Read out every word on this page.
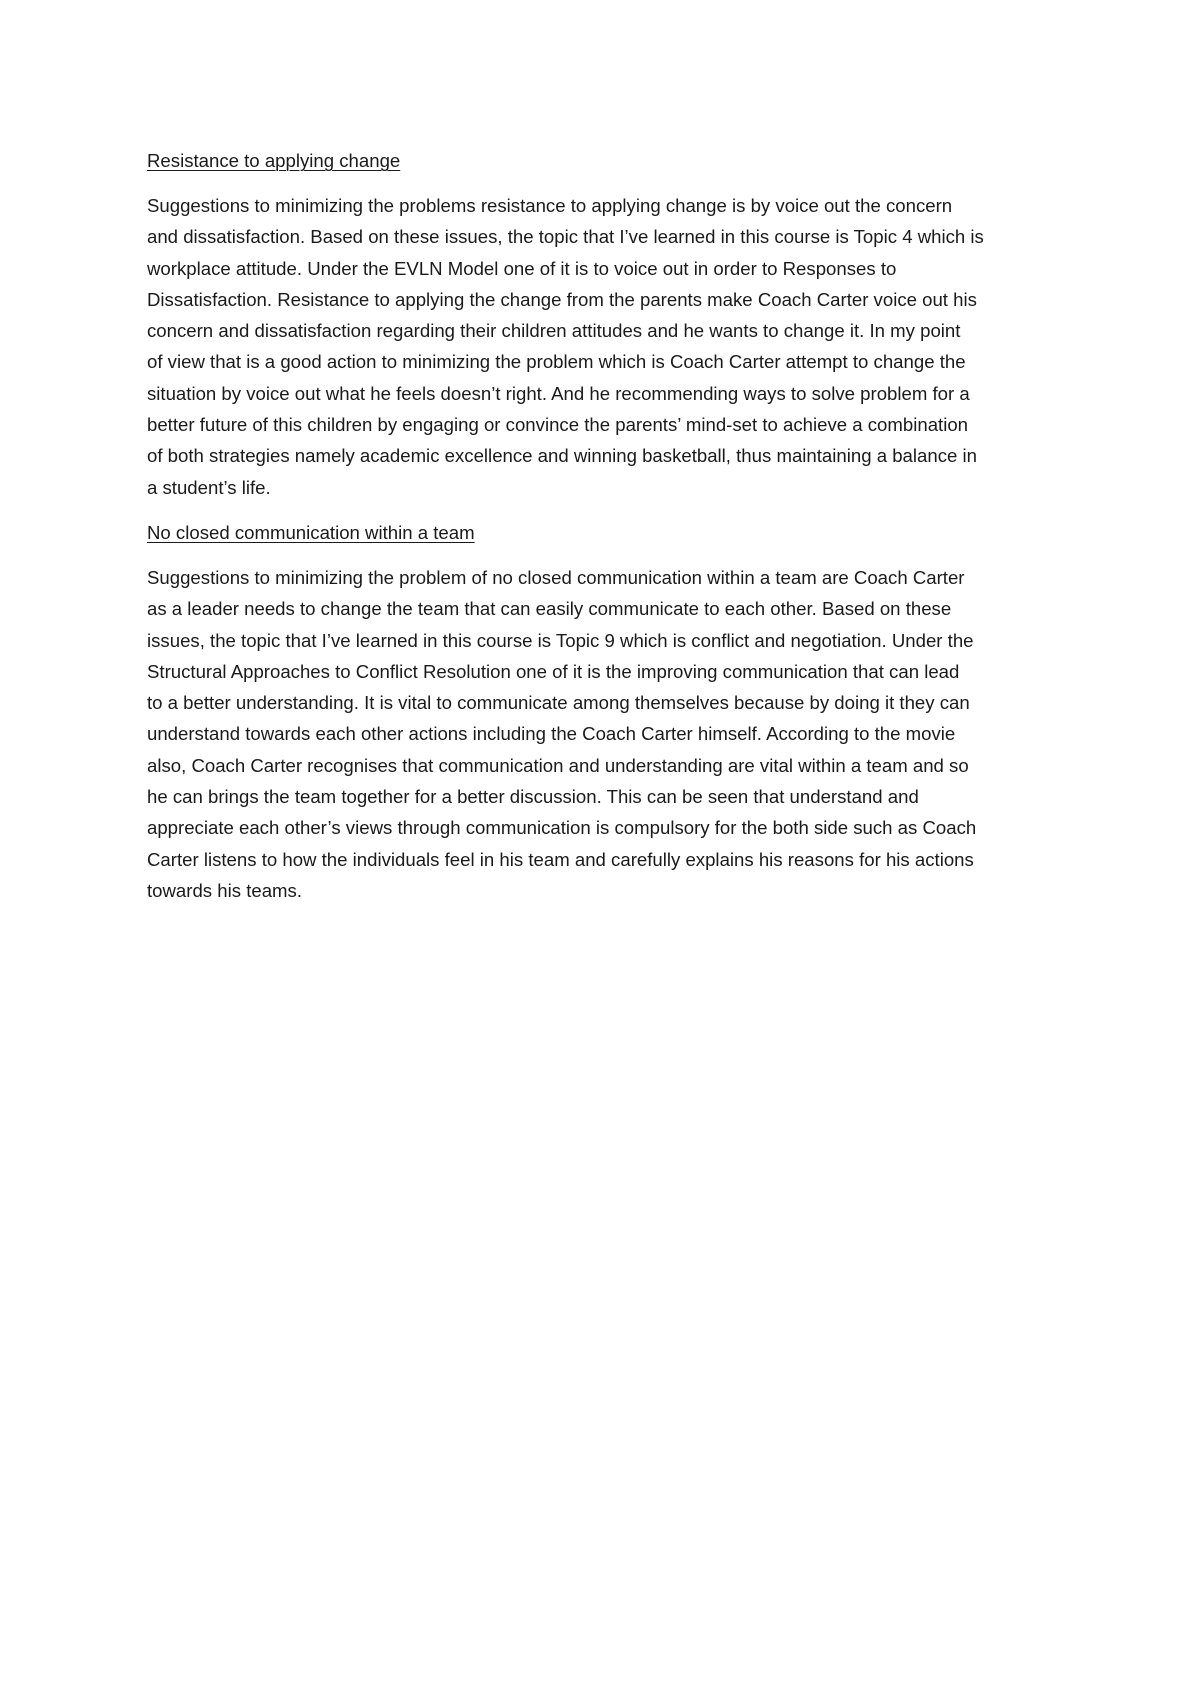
Resistance to applying change
Suggestions to minimizing the problems resistance to applying change is by voice out the concern
and dissatisfaction. Based on these issues, the topic that I’ve learned in this course is Topic 4 which is
workplace attitude. Under the EVLN Model one of it is to voice out in order to Responses to
Dissatisfaction. Resistance to applying the change from the parents make Coach Carter voice out his
concern and dissatisfaction regarding their children attitudes and he wants to change it. In my point
of view that is a good action to minimizing the problem which is Coach Carter attempt to change the
situation by voice out what he feels doesn’t right. And he recommending ways to solve problem for a
better future of this children by engaging or convince the parents’ mind-set to achieve a combination
of both strategies namely academic excellence and winning basketball, thus maintaining a balance in
a student’s life.
No closed communication within a team
Suggestions to minimizing the problem of no closed communication within a team are Coach Carter
as a leader needs to change the team that can easily communicate to each other. Based on these
issues, the topic that I’ve learned in this course is Topic 9 which is conflict and negotiation. Under the
Structural Approaches to Conflict Resolution one of it is the improving communication that can lead
to a better understanding. It is vital to communicate among themselves because by doing it they can
understand towards each other actions including the Coach Carter himself. According to the movie
also, Coach Carter recognises that communication and understanding are vital within a team and so
he can brings the team together for a better discussion. This can be seen that understand and
appreciate each other’s views through communication is compulsory for the both side such as Coach
Carter listens to how the individuals feel in his team and carefully explains his reasons for his actions
towards his teams.
